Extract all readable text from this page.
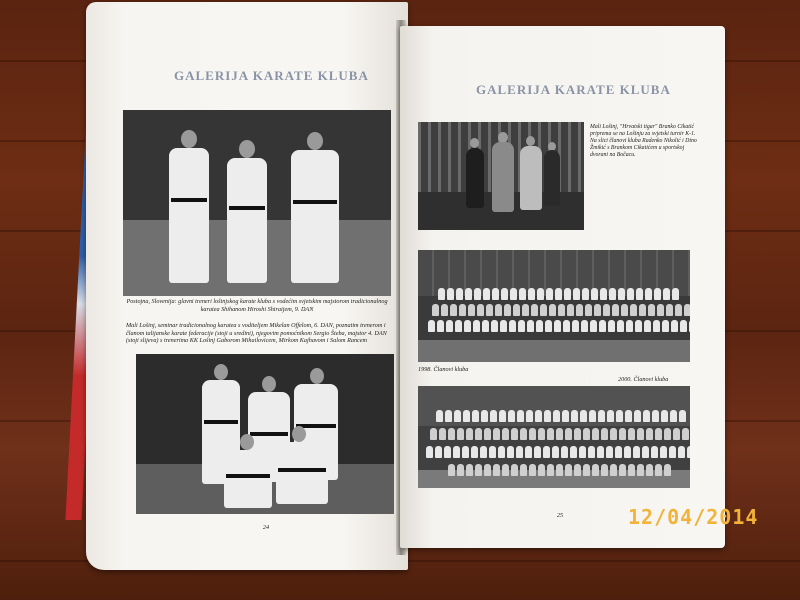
GALERIJA KARATE KLUBA
Postojna, Slovenija: glavni treneri lošinjskog karate kluba s vodećim svjetskim majstorom tradicionalnog karatea Shihanom Hiroshi Shiraijem, 9. DAN
Mali Lošinj, seminar tradicionalnog karatea s voditeljem Mikelan Offelom, 6. DAN, poznatim trenerom i članom talijanske karate federacije (stoji u sredini), njegovim pomoćnikom Sergio Šteba, majstor 4. DAN (stoji slijeva) s trenerima KK Lošinj Gaborom Mihailovicem, Mirkom Kajhavom i Salom Rancem
24
GALERIJA KARATE KLUBA
Mali Lošinj, "Hrvatski tigar" Branko Cikatić priprema se na Lošinju za svjetski turnir K-1. Na slici članovi kluba Radenko Nikolić i Dino Žmikić s Brankom Cikatićem u sportskoj dvorani na Bočacu.
1998. Članovi kluba
2000. Članovi kluba
25	12/04/2014
